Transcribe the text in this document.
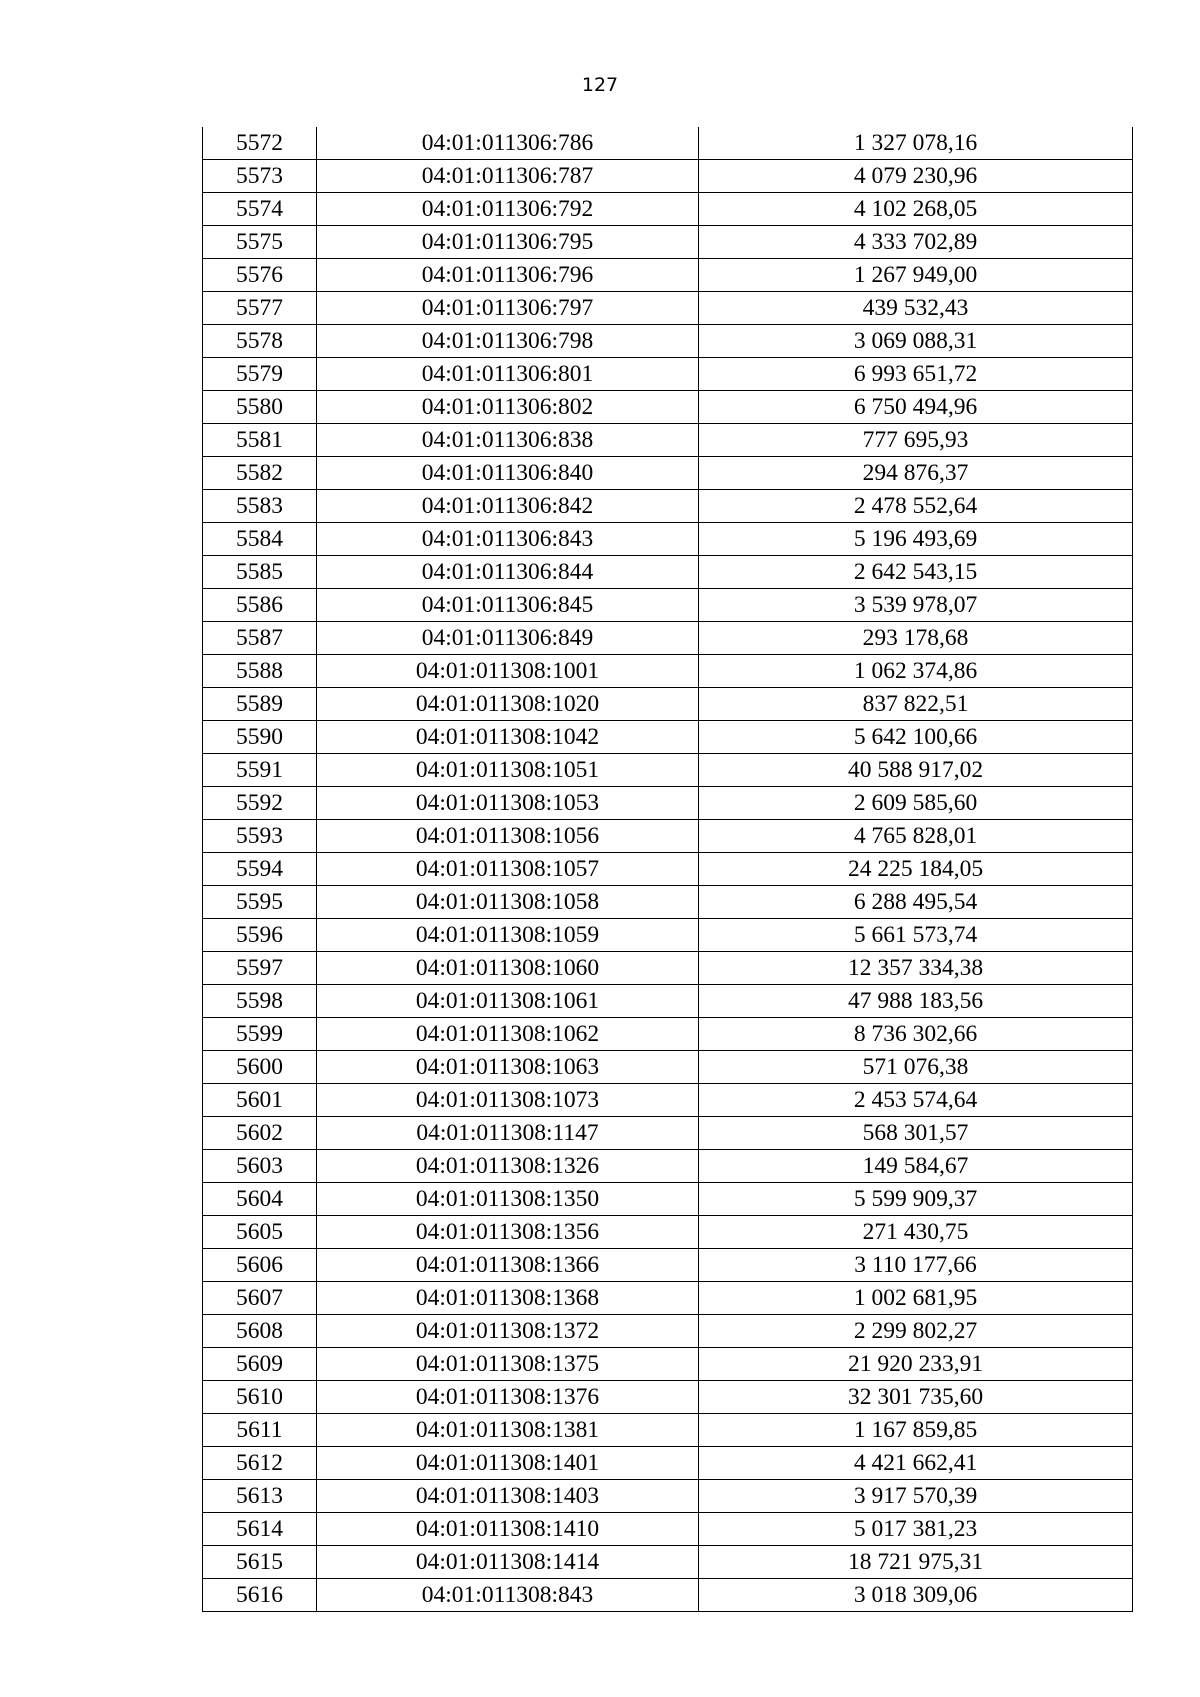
127
5572	04:01:011306:786	1 327 078,16
5573	04:01:011306:787	4 079 230,96
5574	04:01:011306:792	4 102 268,05
5575	04:01:011306:795	4 333 702,89
5576	04:01:011306:796	1 267 949,00
5577	04:01:011306:797	439 532,43
5578	04:01:011306:798	3 069 088,31
5579	04:01:011306:801	6 993 651,72
5580	04:01:011306:802	6 750 494,96
5581	04:01:011306:838	777 695,93
5582	04:01:011306:840	294 876,37
5583	04:01:011306:842	2 478 552,64
5584	04:01:011306:843	5 196 493,69
5585	04:01:011306:844	2 642 543,15
5586	04:01:011306:845	3 539 978,07
5587	04:01:011306:849	293 178,68
5588	04:01:011308:1001	1 062 374,86
5589	04:01:011308:1020	837 822,51
5590	04:01:011308:1042	5 642 100,66
5591	04:01:011308:1051	40 588 917,02
5592	04:01:011308:1053	2 609 585,60
5593	04:01:011308:1056	4 765 828,01
5594	04:01:011308:1057	24 225 184,05
5595	04:01:011308:1058	6 288 495,54
5596	04:01:011308:1059	5 661 573,74
5597	04:01:011308:1060	12 357 334,38
5598	04:01:011308:1061	47 988 183,56
5599	04:01:011308:1062	8 736 302,66
5600	04:01:011308:1063	571 076,38
5601	04:01:011308:1073	2 453 574,64
5602	04:01:011308:1147	568 301,57
5603	04:01:011308:1326	149 584,67
5604	04:01:011308:1350	5 599 909,37
5605	04:01:011308:1356	271 430,75
5606	04:01:011308:1366	3 110 177,66
5607	04:01:011308:1368	1 002 681,95
5608	04:01:011308:1372	2 299 802,27
5609	04:01:011308:1375	21 920 233,91
5610	04:01:011308:1376	32 301 735,60
5611	04:01:011308:1381	1 167 859,85
5612	04:01:011308:1401	4 421 662,41
5613	04:01:011308:1403	3 917 570,39
5614	04:01:011308:1410	5 017 381,23
5615	04:01:011308:1414	18 721 975,31
5616	04:01:011308:843	3 018 309,06
